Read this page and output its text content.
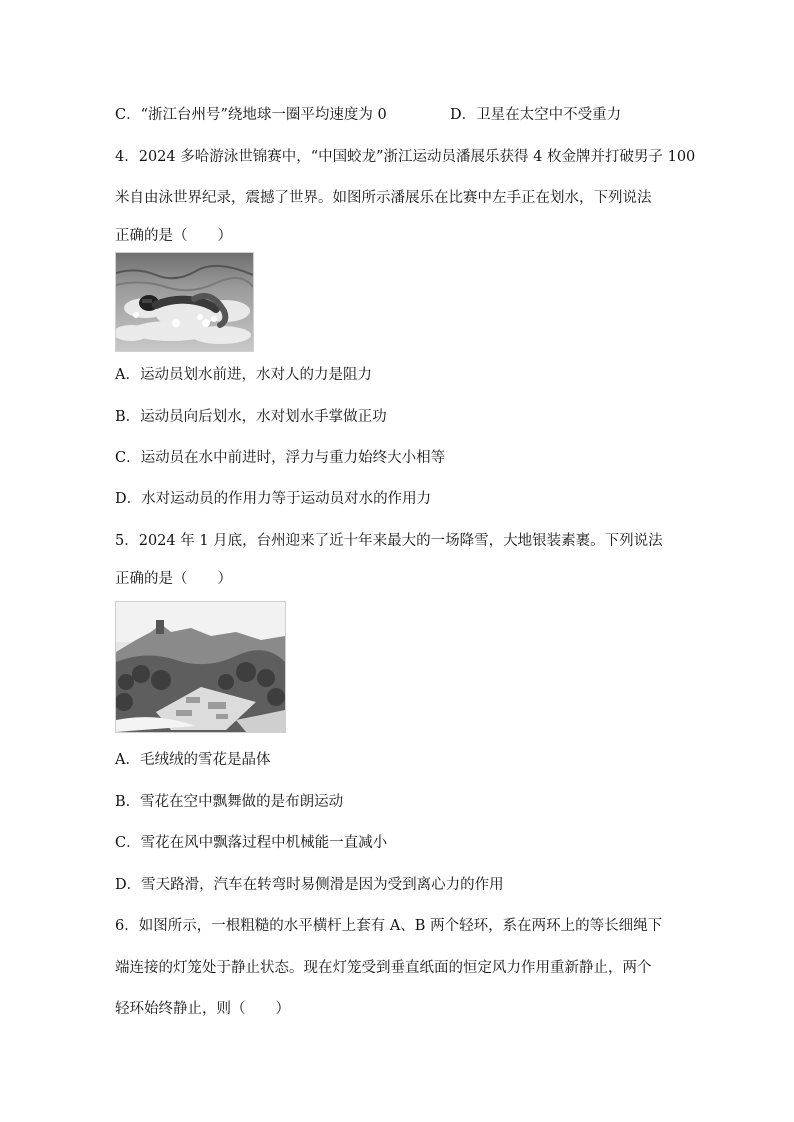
C．“浙江台州号”绕地球一圈平均速度为 0	D．卫星在太空中不受重力
4．2024 多哈游泳世锦赛中，“中国蛟龙”浙江运动员潘展乐获得 4 枚金牌并打破男子 100
米自由泳世界纪录，震撼了世界。如图所示潘展乐在比赛中左手正在划水，下列说法
正确的是（ ）
A．运动员划水前进，水对人的力是阻力
B．运动员向后划水，水对划水手掌做正功
C．运动员在水中前进时，浮力与重力始终大小相等
D．水对运动员的作用力等于运动员对水的作用力
5．2024 年 1 月底，台州迎来了近十年来最大的一场降雪，大地银装素裹。下列说法
正确的是（ ）
A．毛绒绒的雪花是晶体
B．雪花在空中飘舞做的是布朗运动
C．雪花在风中飘落过程中机械能一直减小
D．雪天路滑，汽车在转弯时易侧滑是因为受到离心力的作用
6．如图所示，一根粗糙的水平横杆上套有 A、B 两个轻环，系在两环上的等长细绳下
端连接的灯笼处于静止状态。现在灯笼受到垂直纸面的恒定风力作用重新静止，两个
轻环始终静止，则（ ）
